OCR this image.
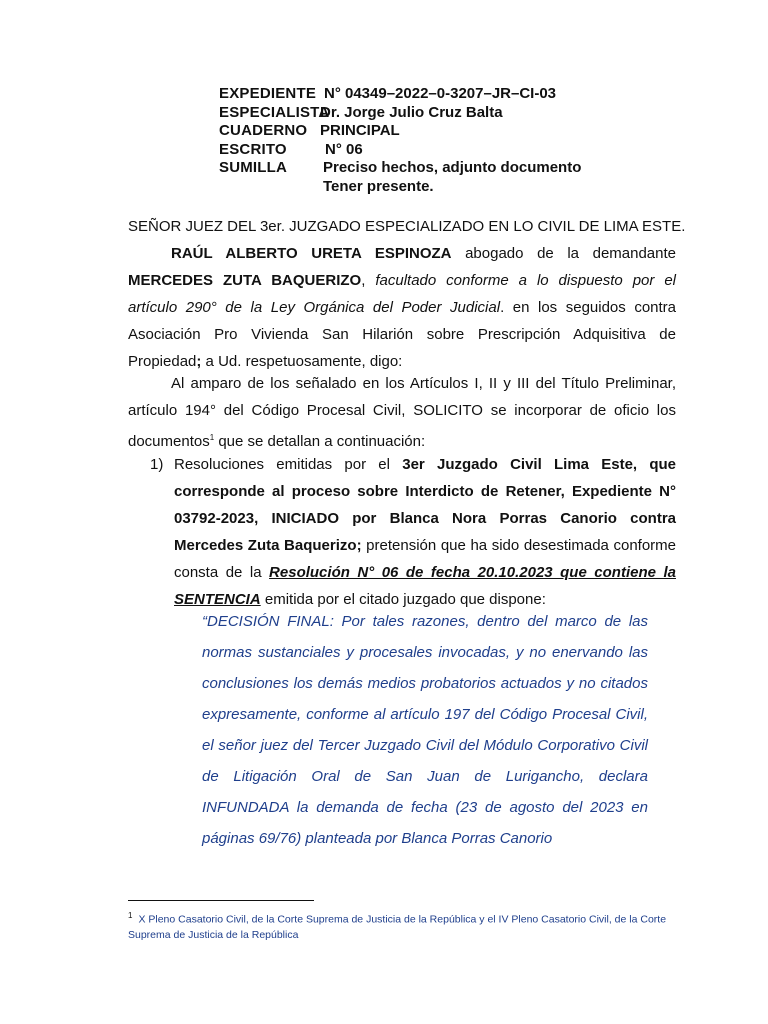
EXPEDIENTE N° 04349–2022–0-3207–JR–CI-03
ESPECIALISTA
Dr. Jorge Julio Cruz Balta
CUADERNO PRINCIPAL
ESCRITO	N° 06
SUMILLA	Preciso hechos, adjunto documento
Tener presente.
SEÑOR JUEZ DEL 3er. JUZGADO ESPECIALIZADO EN LO CIVIL DE LIMA ESTE.
RAÚL ALBERTO URETA ESPINOZA abogado de la demandante MERCEDES ZUTA BAQUERIZO, facultado conforme a lo dispuesto por el artículo 290° de la Ley Orgánica del Poder Judicial. en los seguidos contra Asociación Pro Vivienda San Hilarión sobre Prescripción Adquisitiva de Propiedad; a Ud. respetuosamente, digo:
Al amparo de los señalado en los Artículos I, II y III del Título Preliminar, artículo 194° del Código Procesal Civil, SOLICITO se incorporar de oficio los documentos$^1$ que se detallan a continuación:
1) Resoluciones emitidas por el 3er Juzgado Civil Lima Este, que corresponde al proceso sobre Interdicto de Retener, Expediente N° 03792-2023, INICIADO por Blanca Nora Porras Canorio contra Mercedes Zuta Baquerizo; pretensión que ha sido desestimada conforme consta de la Resolución N° 06 de fecha 20.10.2023 que contiene la SENTENCIA emitida por el citado juzgado que dispone:
“DECISIÓN FINAL: Por tales razones, dentro del marco de las normas sustanciales y procesales invocadas, y no enervando las conclusiones los demás medios probatorios actuados y no citados expresamente, conforme al artículo 197 del Código Procesal Civil, el señor juez del Tercer Juzgado Civil del Módulo Corporativo Civil de Litigación Oral de San Juan de Lurigancho, declara INFUNDADA la demanda de fecha (23 de agosto del 2023 en páginas 69/76) planteada por Blanca Porras Canorio
$^1$ X Pleno Casatorio Civil, de la Corte Suprema de Justicia de la República y el IV Pleno Casatorio Civil, de la Corte Suprema de Justicia de la República
